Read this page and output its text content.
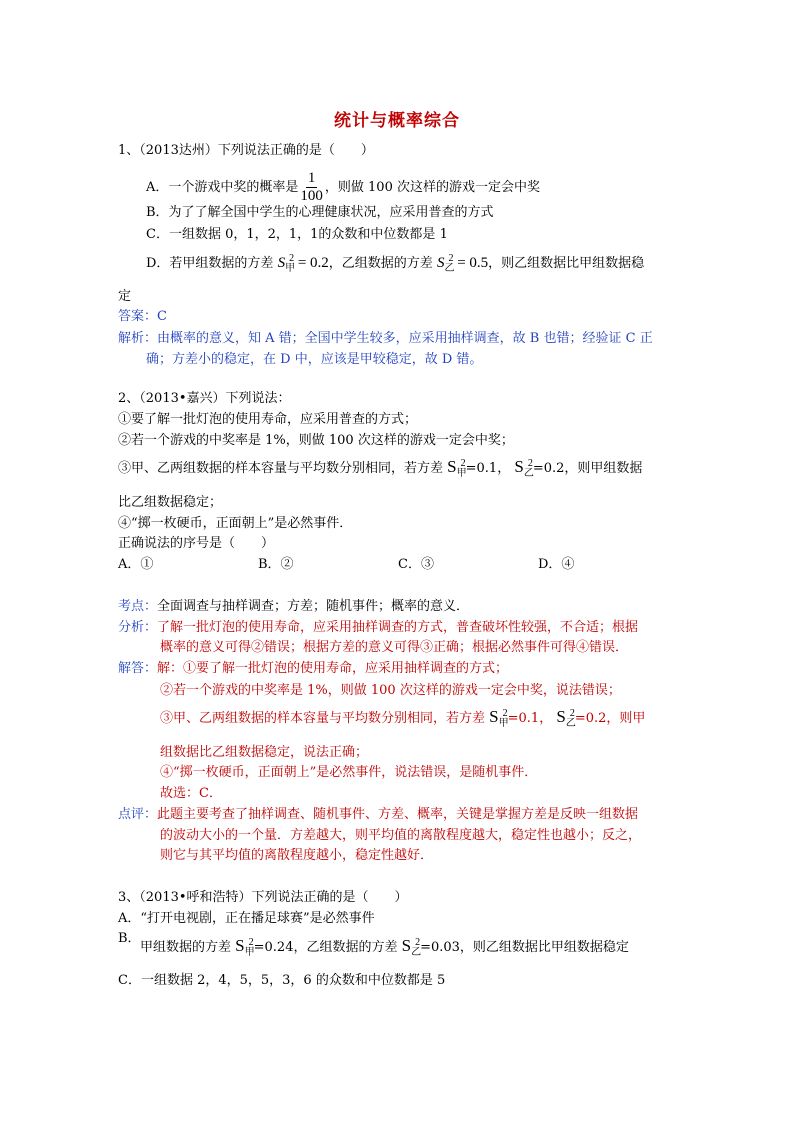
统计与概率综合
1、（2013达州）下列说法正确的是（　　）
A．一个游戏中奖的概率是 $\frac{1}{100}$ ，则做 100 次这样的游戏一定会中奖
B．为了了解全国中学生的心理健康状况，应采用普查的方式
C．一组数据 0，1，2，1，1的众数和中位数都是 1
D．若甲组数据的方差 $S_甲^2 = 0.2$，乙组数据的方差 $S_乙^2 = 0.5$，则乙组数据比甲组数据稳
定
答案：C
解析：由概率的意义，知 A 错；全国中学生较多，应采用抽样调查，故 B 也错；经验证 C 正
确；方差小的稳定，在 D 中，应该是甲较稳定，故 D 错。
2、（2013•嘉兴）下列说法：
①要了解一批灯泡的使用寿命，应采用普查的方式；
②若一个游戏的中奖率是 1%，则做 100 次这样的游戏一定会中奖；
③甲、乙两组数据的样本容量与平均数分别相同，若方差 $S_甲^2=0.1$， $S_乙^2=0.2$，则甲组数据
比乙组数据稳定；
④“掷一枚硬币，正面朝上”是必然事件．
正确说法的序号是（　　）
A．①	B．②	C．③	D．④
考点：全面调查与抽样调查；方差；随机事件；概率的意义．
分析：了解一批灯泡的使用寿命，应采用抽样调查的方式，普查破坏性较强，不合适；根据
概率的意义可得②错误；根据方差的意义可得③正确；根据必然事件可得④错误．
解答：解：①要了解一批灯泡的使用寿命，应采用抽样调查的方式；
②若一个游戏的中奖率是 1%，则做 100 次这样的游戏一定会中奖，说法错误；
③甲、乙两组数据的样本容量与平均数分别相同，若方差 $S_甲^2=0.1$， $S_乙^2=0.2$，则甲
组数据比乙组数据稳定，说法正确；
④“掷一枚硬币，正面朝上”是必然事件，说法错误，是随机事件．
故选：C．
点评：此题主要考查了抽样调查、随机事件、方差、概率，关键是掌握方差是反映一组数据
的波动大小的一个量．方差越大，则平均值的离散程度越大，稳定性也越小；反之，
则它与其平均值的离散程度越小，稳定性越好．
3、（2013•呼和浩特）下列说法正确的是（　　）
A．“打开电视剧，正在播足球赛”是必然事件
B．
甲组数据的方差 $S_甲^2=0.24$，乙组数据的方差 $S_乙^2=0.03$，则乙组数据比甲组数据稳定
C．一组数据 2，4，5，5，3，6 的众数和中位数都是 5
